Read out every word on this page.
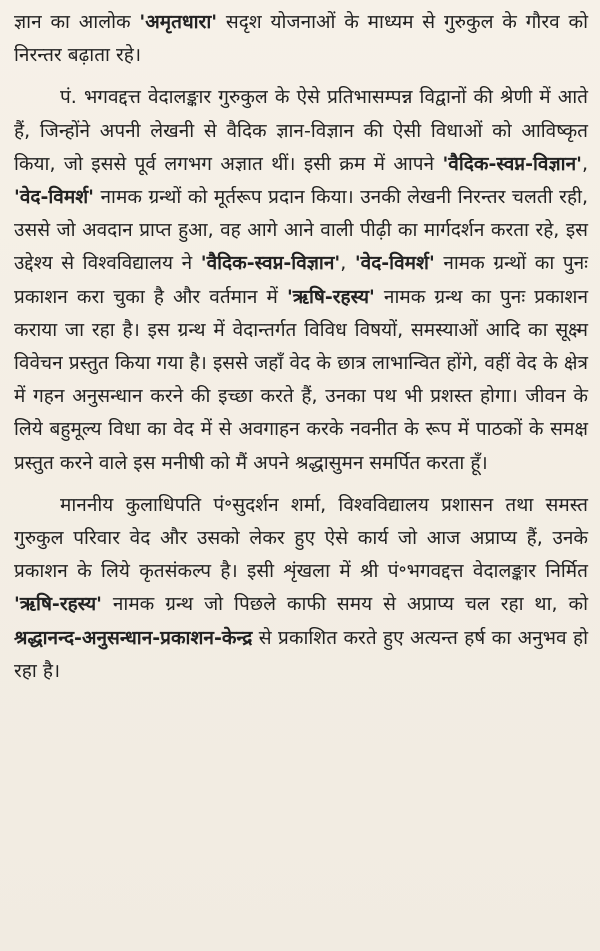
ज्ञान का आलोक 'अमृतधारा' सदृश योजनाओं के माध्यम से गुरुकुल के गौरव को निरन्तर बढ़ाता रहे।

पं. भगवद्दत्त वेदालङ्कार गुरुकुल के ऐसे प्रतिभासम्पन्न विद्वानों की श्रेणी में आते हैं, जिन्होंने अपनी लेखनी से वैदिक ज्ञान-विज्ञान की ऐसी विधाओं को आविष्कृत किया, जो इससे पूर्व लगभग अज्ञात थीं। इसी क्रम में आपने 'वैदिक-स्वप्न-विज्ञान', 'वेद-विमर्श' नामक ग्रन्थों को मूर्तरूप प्रदान किया। उनकी लेखनी निरन्तर चलती रही, उससे जो अवदान प्राप्त हुआ, वह आगे आने वाली पीढ़ी का मार्गदर्शन करता रहे, इस उद्देश्य से विश्वविद्यालय ने 'वैदिक-स्वप्न-विज्ञान', 'वेद-विमर्श' नामक ग्रन्थों का पुनः प्रकाशन करा चुका है और वर्तमान में 'ऋषि-रहस्य' नामक ग्रन्थ का पुनः प्रकाशन कराया जा रहा है। इस ग्रन्थ में वेदान्तर्गत विविध विषयों, समस्याओं आदि का सूक्ष्म विवेचन प्रस्तुत किया गया है। इससे जहाँ वेद के छात्र लाभान्वित होंगे, वहीं वेद के क्षेत्र में गहन अनुसन्धान करने की इच्छा करते हैं, उनका पथ भी प्रशस्त होगा। जीवन के लिये बहुमूल्य विधा का वेद में से अवगाहन करके नवनीत के रूप में पाठकों के समक्ष प्रस्तुत करने वाले इस मनीषी को मैं अपने श्रद्धासुमन समर्पित करता हूँ।

माननीय कुलाधिपति पं॰सुदर्शन शर्मा, विश्वविद्यालय प्रशासन तथा समस्त गुरुकुल परिवार वेद और उसको लेकर हुए ऐसे कार्य जो आज अप्राप्य हैं, उनके प्रकाशन के लिये कृतसंकल्प है। इसी शृंखला में श्री पं॰भगवद्दत्त वेदालङ्कार निर्मित 'ऋषि-रहस्य' नामक ग्रन्थ जो पिछले काफी समय से अप्राप्य चल रहा था, को श्रद्धानन्द-अनुसन्धान-प्रकाशन-केन्द्र से प्रकाशित करते हुए अत्यन्त हर्ष का अनुभव हो रहा है।
